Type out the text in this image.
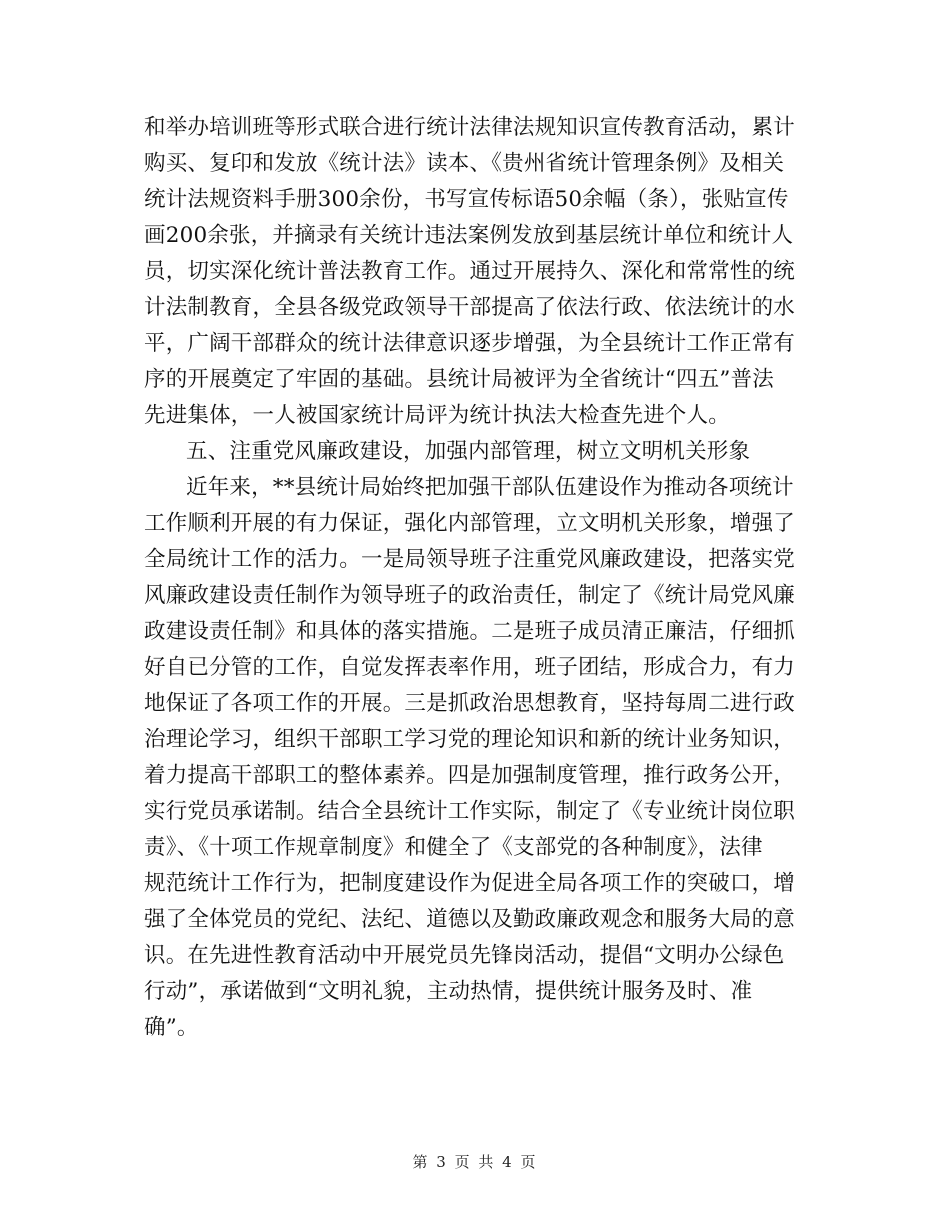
和举办培训班等形式联合进行统计法律法规知识宣传教育活动，累计
购买、复印和发放《统计法》读本、《贵州省统计管理条例》及相关
统计法规资料手册300余份，书写宣传标语50余幅（条），张贴宣传
画200余张，并摘录有关统计违法案例发放到基层统计单位和统计人
员，切实深化统计普法教育工作。通过开展持久、深化和常常性的统
计法制教育，全县各级党政领导干部提高了依法行政、依法统计的水
平，广阔干部群众的统计法律意识逐步增强，为全县统计工作正常有
序的开展奠定了牢固的基础。县统计局被评为全省统计“四五”普法
先进集体，一人被国家统计局评为统计执法大检查先进个人。
五、注重党风廉政建设，加强内部管理，树立文明机关形象
近年来，**县统计局始终把加强干部队伍建设作为推动各项统计
工作顺利开展的有力保证，强化内部管理，立文明机关形象，增强了
全局统计工作的活力。一是局领导班子注重党风廉政建设，把落实党
风廉政建设责任制作为领导班子的政治责任，制定了《统计局党风廉
政建设责任制》和具体的落实措施。二是班子成员清正廉洁，仔细抓
好自已分管的工作，自觉发挥表率作用，班子团结，形成合力，有力
地保证了各项工作的开展。三是抓政治思想教育，坚持每周二进行政
治理论学习，组织干部职工学习党的理论知识和新的统计业务知识，
着力提高干部职工的整体素养。四是加强制度管理，推行政务公开，
实行党员承诺制。结合全县统计工作实际，制定了《专业统计岗位职
责》、《十项工作规章制度》和健全了《支部党的各种制度》，法律
规范统计工作行为，把制度建设作为促进全局各项工作的突破口，增
强了全体党员的党纪、法纪、道德以及勤政廉政观念和服务大局的意
识。在先进性教育活动中开展党员先锋岗活动，提倡“文明办公绿色
行动”，承诺做到“文明礼貌，主动热情，提供统计服务及时、准
确”。
第 3 页 共 4 页
